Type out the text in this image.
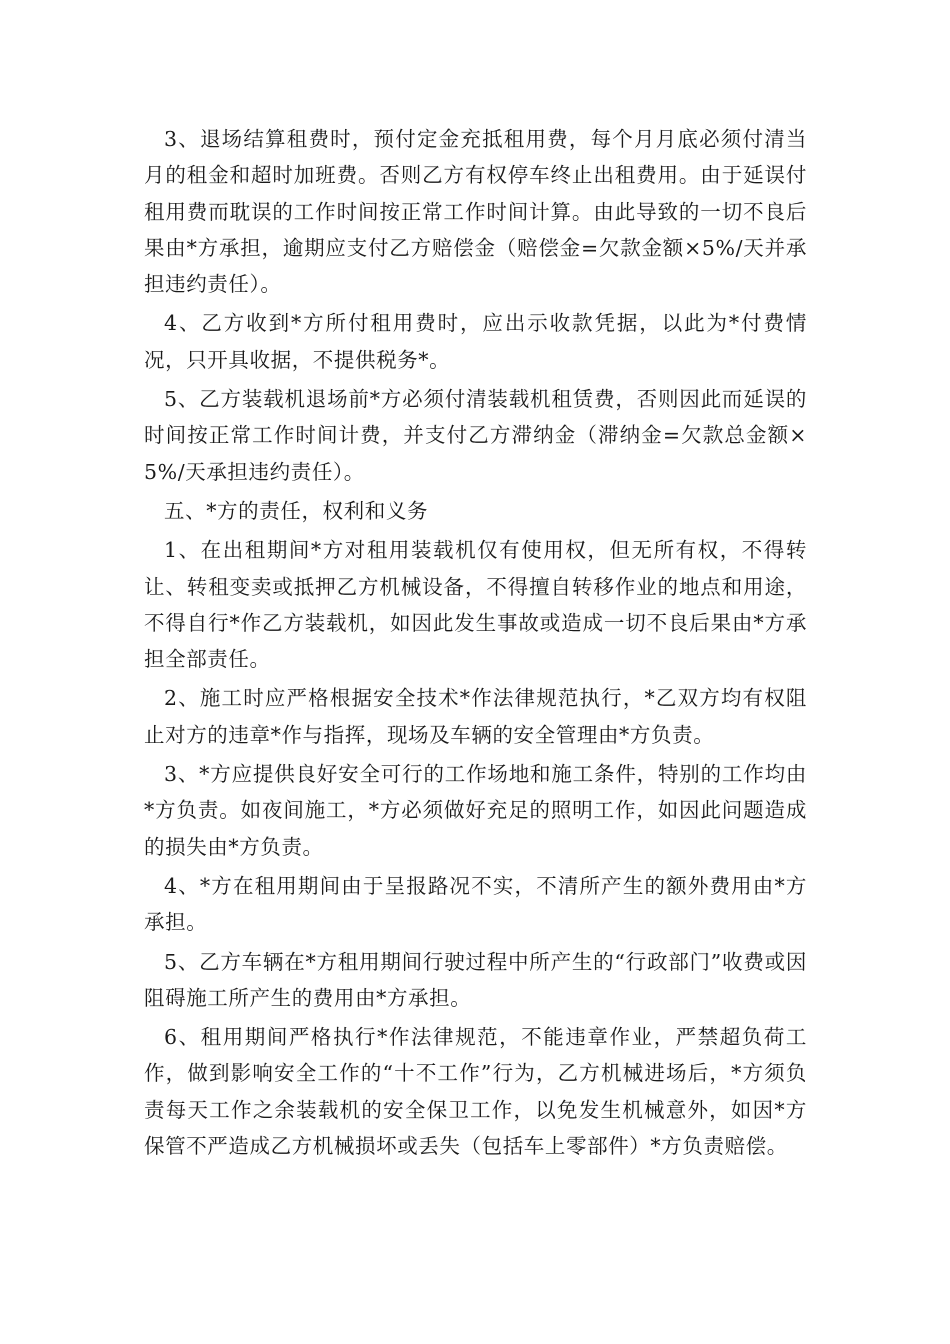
3、退场结算租费时，预付定金充抵租用费，每个月月底必须付清当月的租金和超时加班费。否则乙方有权停车终止出租费用。由于延误付租用费而耽误的工作时间按正常工作时间计算。由此导致的一切不良后果由*方承担，逾期应支付乙方赔偿金（赔偿金=欠款金额×5%/天并承担违约责任）。

4、乙方收到*方所付租用费时，应出示收款凭据，以此为*付费情况，只开具收据，不提供税务*。

5、乙方装载机退场前*方必须付清装载机租赁费，否则因此而延误的时间按正常工作时间计费，并支付乙方滞纳金（滞纳金=欠款总金额×5%/天承担违约责任）。

五、*方的责任，权利和义务

1、在出租期间*方对租用装载机仅有使用权，但无所有权，不得转让、转租变卖或抵押乙方机械设备，不得擅自转移作业的地点和用途，不得自行*作乙方装载机，如因此发生事故或造成一切不良后果由*方承担全部责任。

2、施工时应严格根据安全技术*作法律规范执行，*乙双方均有权阻止对方的违章*作与指挥，现场及车辆的安全管理由*方负责。

3、*方应提供良好安全可行的工作场地和施工条件，特别的工作均由*方负责。如夜间施工，*方必须做好充足的照明工作，如因此问题造成的损失由*方负责。

4、*方在租用期间由于呈报路况不实，不清所产生的额外费用由*方承担。

5、乙方车辆在*方租用期间行驶过程中所产生的“行政部门”收费或因阻碍施工所产生的费用由*方承担。

6、租用期间严格执行*作法律规范，不能违章作业，严禁超负荷工作，做到影响安全工作的“十不工作”行为，乙方机械进场后，*方须负责每天工作之余装载机的安全保卫工作，以免发生机械意外，如因*方保管不严造成乙方机械损坏或丢失（包括车上零部件）*方负责赔偿。
